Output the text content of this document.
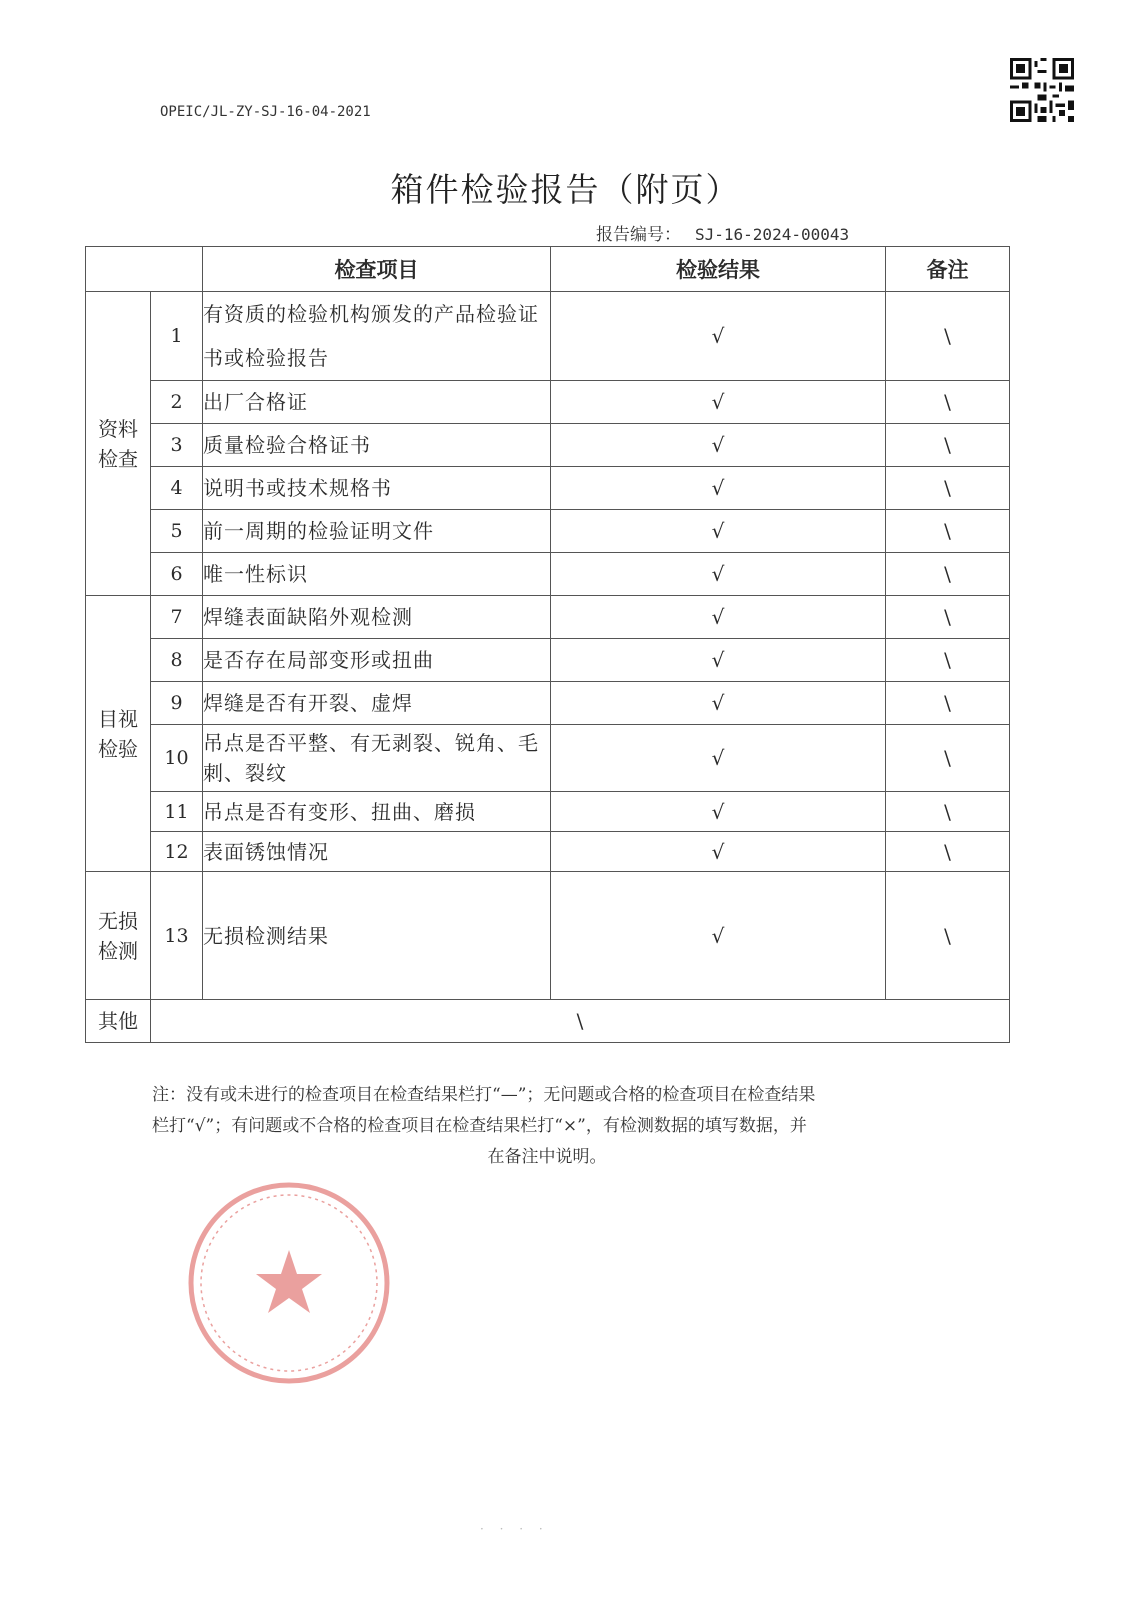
OPEIC/JL-ZY-SJ-16-04-2021
箱件检验报告（附页）
报告编号： SJ-16-2024-00043
		检查项目	检验结果	备注
资料检查	1	有资质的检验机构颁发的产品检验证书或检验报告	√	\
	2	出厂合格证	√	\
	3	质量检验合格证书	√	\
	4	说明书或技术规格书	√	\
	5	前一周期的检验证明文件	√	\
	6	唯一性标识	√	\
目视检验	7	焊缝表面缺陷外观检测	√	\
	8	是否存在局部变形或扭曲	√	\
	9	焊缝是否有开裂、虚焊	√	\
	10	吊点是否平整、有无剥裂、锐角、毛刺、裂纹	√	\
	11	吊点是否有变形、扭曲、磨损	√	\
	12	表面锈蚀情况	√	\
无损检测	13	无损检测结果	√	\
其他	\			

注：没有或未进行的检查项目在检查结果栏打“—”；无问题或合格的检查项目在检查结果

栏打“√”；有问题或不合格的检查项目在检查结果栏打“×”，有检测数据的填写数据，并

在备注中说明。

· · · ·
